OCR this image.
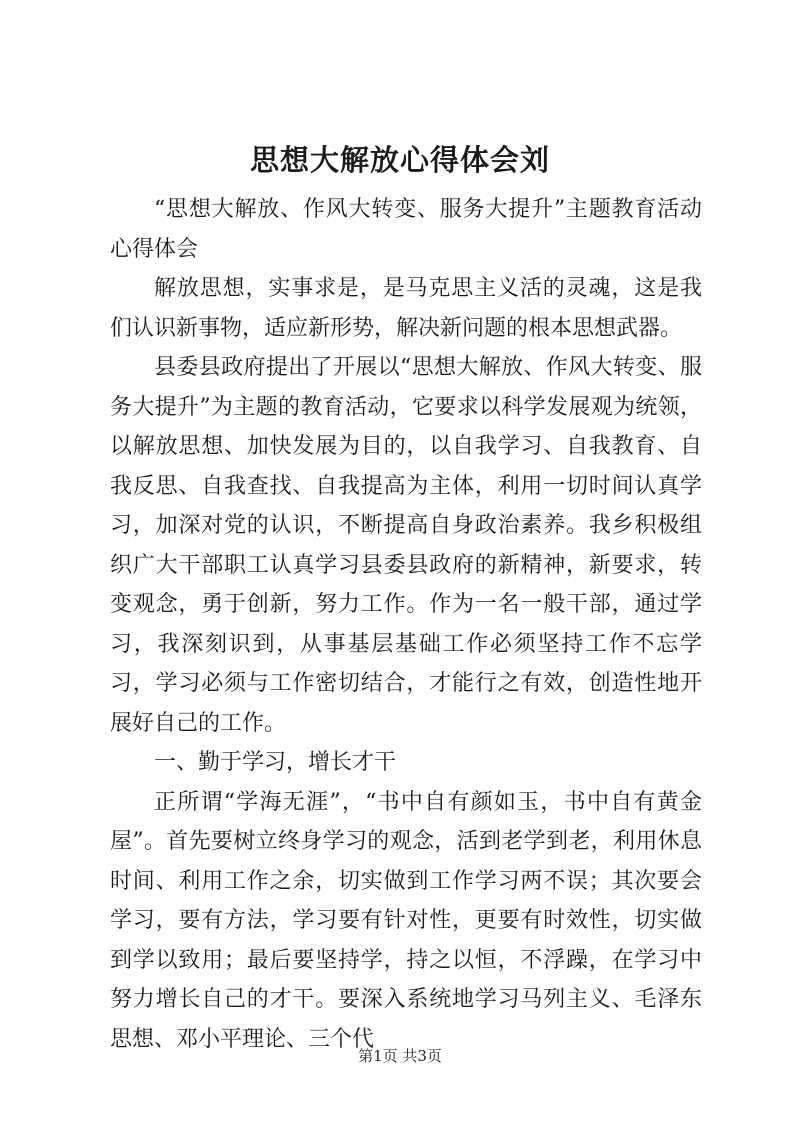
思想大解放心得体会刘

“思想大解放、作风大转变、服务大提升”主题教育活动心得体会

解放思想，实事求是，是马克思主义活的灵魂，这是我们认识新事物，适应新形势，解决新问题的根本思想武器。

县委县政府提出了开展以“思想大解放、作风大转变、服务大提升”为主题的教育活动，它要求以科学发展观为统领，以解放思想、加快发展为目的，以自我学习、自我教育、自我反思、自我查找、自我提高为主体，利用一切时间认真学习，加深对党的认识，不断提高自身政治素养。我乡积极组织广大干部职工认真学习县委县政府的新精神，新要求，转变观念，勇于创新，努力工作。作为一名一般干部，通过学习，我深刻识到，从事基层基础工作必须坚持工作不忘学习，学习必须与工作密切结合，才能行之有效，创造性地开展好自己的工作。

一、勤于学习，增长才干

正所谓“学海无涯”，“书中自有颜如玉，书中自有黄金屋”。首先要树立终身学习的观念，活到老学到老，利用休息时间、利用工作之余，切实做到工作学习两不误；其次要会学习，要有方法，学习要有针对性，更要有时效性，切实做到学以致用；最后要坚持学，持之以恒，不浮躁，在学习中努力增长自己的才干。要深入系统地学习马列主义、毛泽东思想、邓小平理论、三个代

第1页 共3页
